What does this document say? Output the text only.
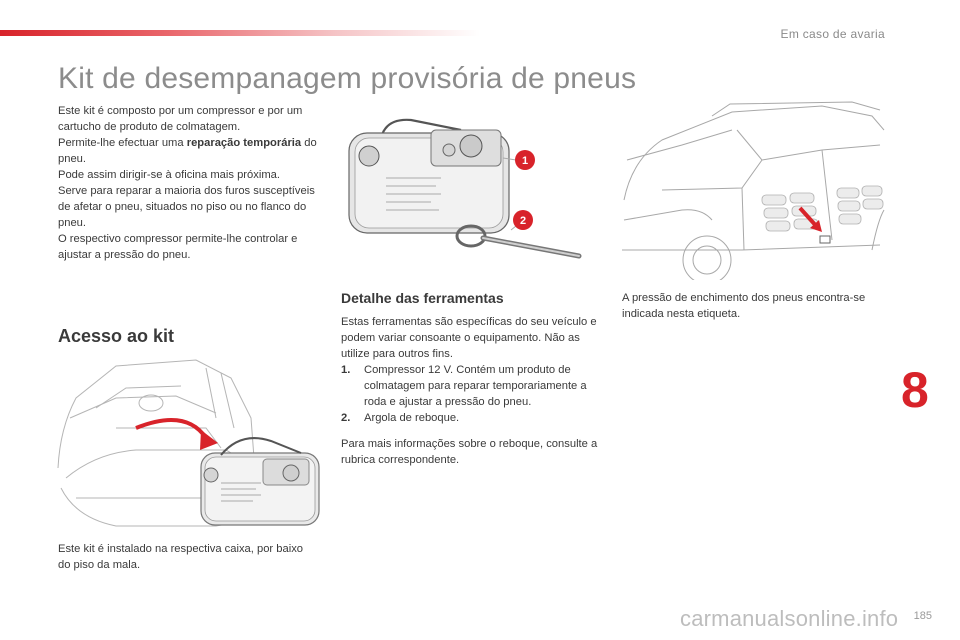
Em caso de avaria
Kit de desempanagem provisória de pneus

Este kit é composto por um compressor e por um cartucho de produto de colmatagem.

Permite-lhe efectuar uma reparação temporária do pneu.

Pode assim dirigir-se à oficina mais próxima.

Serve para reparar a maioria dos furos susceptíveis de afetar o pneu, situados no piso ou no flanco do pneu.

O respectivo compressor permite-lhe controlar e ajustar a pressão do pneu.

Acesso ao kit
Este kit é instalado na respectiva caixa, por baixo do piso da mala.
1
2
Detalhe das ferramentas

Estas ferramentas são específicas do seu veículo e podem variar consoante o equipamento. Não as utilize para outros fins.

1.	Compressor 12 V. Contém um produto de colmatagem para reparar temporariamente a roda e ajustar a pressão do pneu.
2.	Argola de reboque.

Para mais informações sobre o reboque, consulte a rubrica correspondente.

A pressão de enchimento dos pneus encontra-se indicada nesta etiqueta.
8
carmanualsonline.info 185
